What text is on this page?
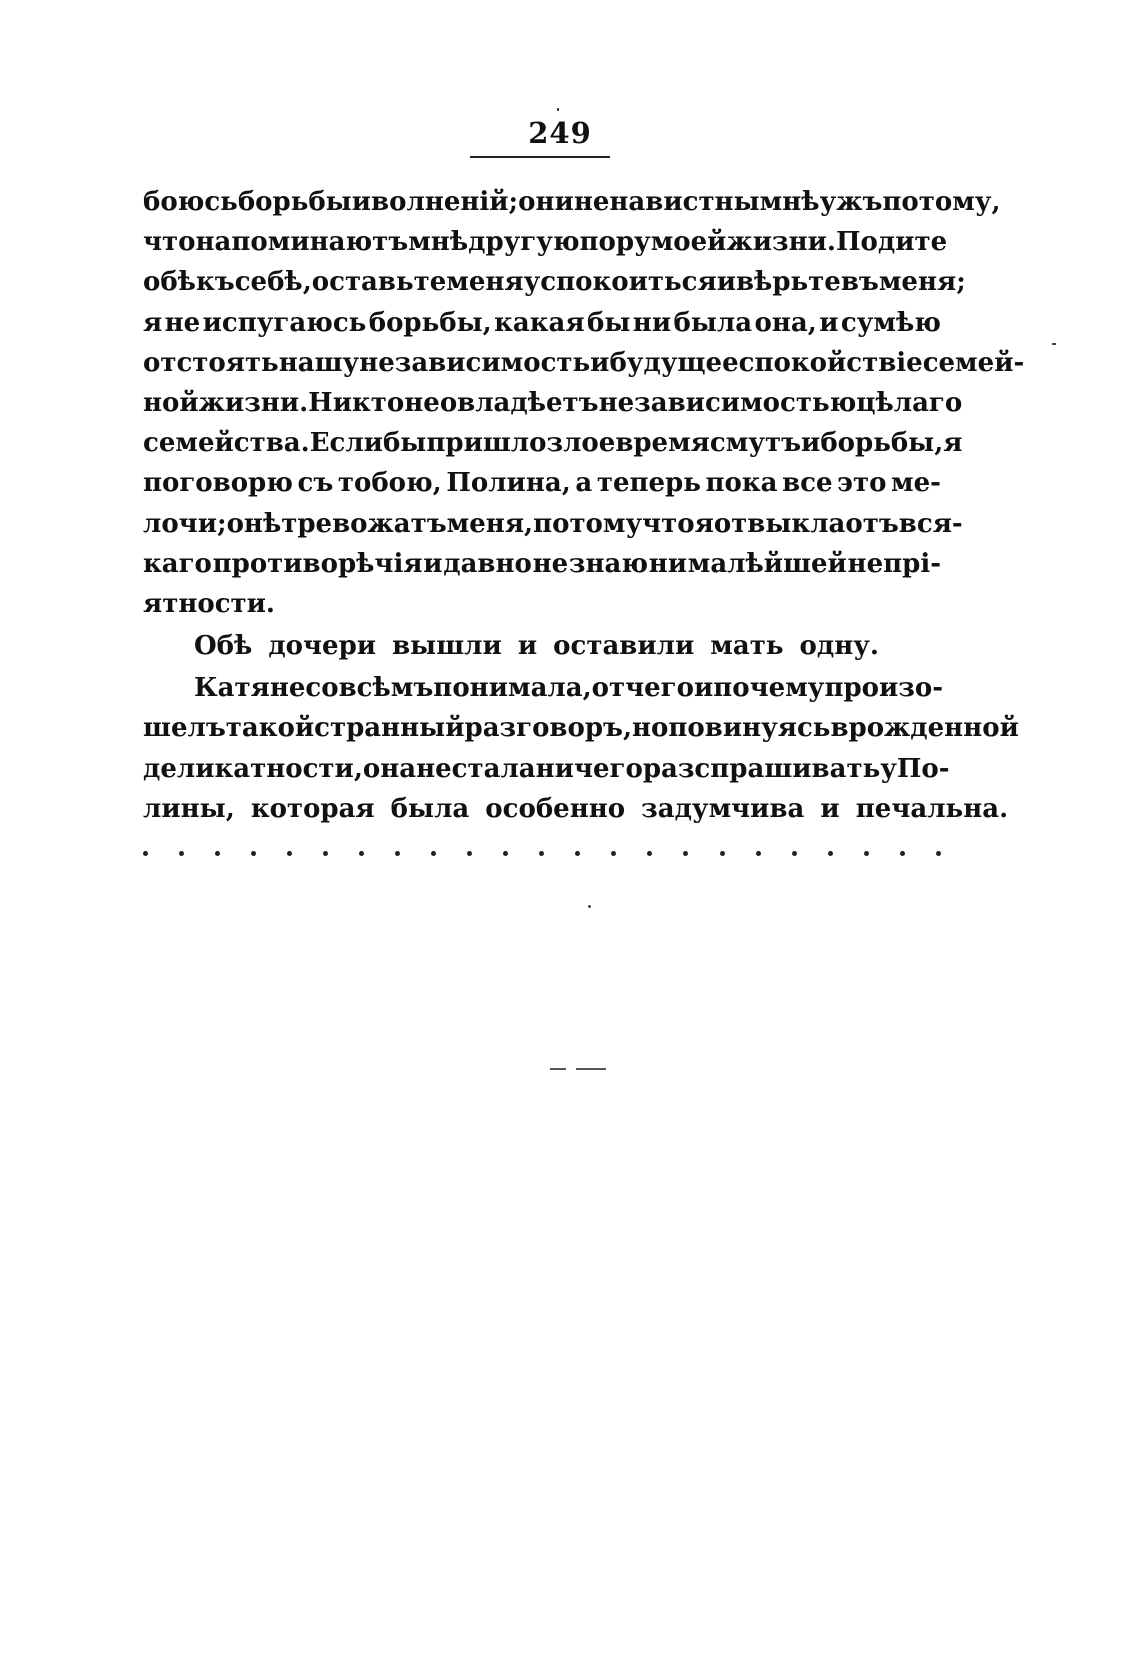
249
боюсь борьбы и волненій; они ненавистны мнѣ ужъ потому,
что напоминаютъ мнѣ другую пору моей жизни. Подите
обѣ къ себѣ, оставьте меня успокоиться и вѣрьте въ меня;
я не испугаюсь борьбы, какая бы ни была она, и сумѣю
отстоять нашу независимость и будущее спокойствіе семей-
ной жизни. Никто не овладѣетъ независимостью цѣлаго
семейства. Еслибы пришло злое время смутъ и борьбы, я
поговорю съ тобою, Полина, а теперь пока все это ме-
лочи; онѣ тревожатъ меня, потому что я отвыкла отъ вся-
каго противорѣчія и давно не знаю ни малѣйшей непрі-
ятности.
Обѣ дочери вышли и оставили мать одну.
Катя не совсѣмъ понимала, отчего и почему произо-
шелъ такой странный разговоръ, но повинуясь врожденной
деликатности, она не стала ничего разспрашивать у По-
лины, которая была особенно задумчива и печальна.
